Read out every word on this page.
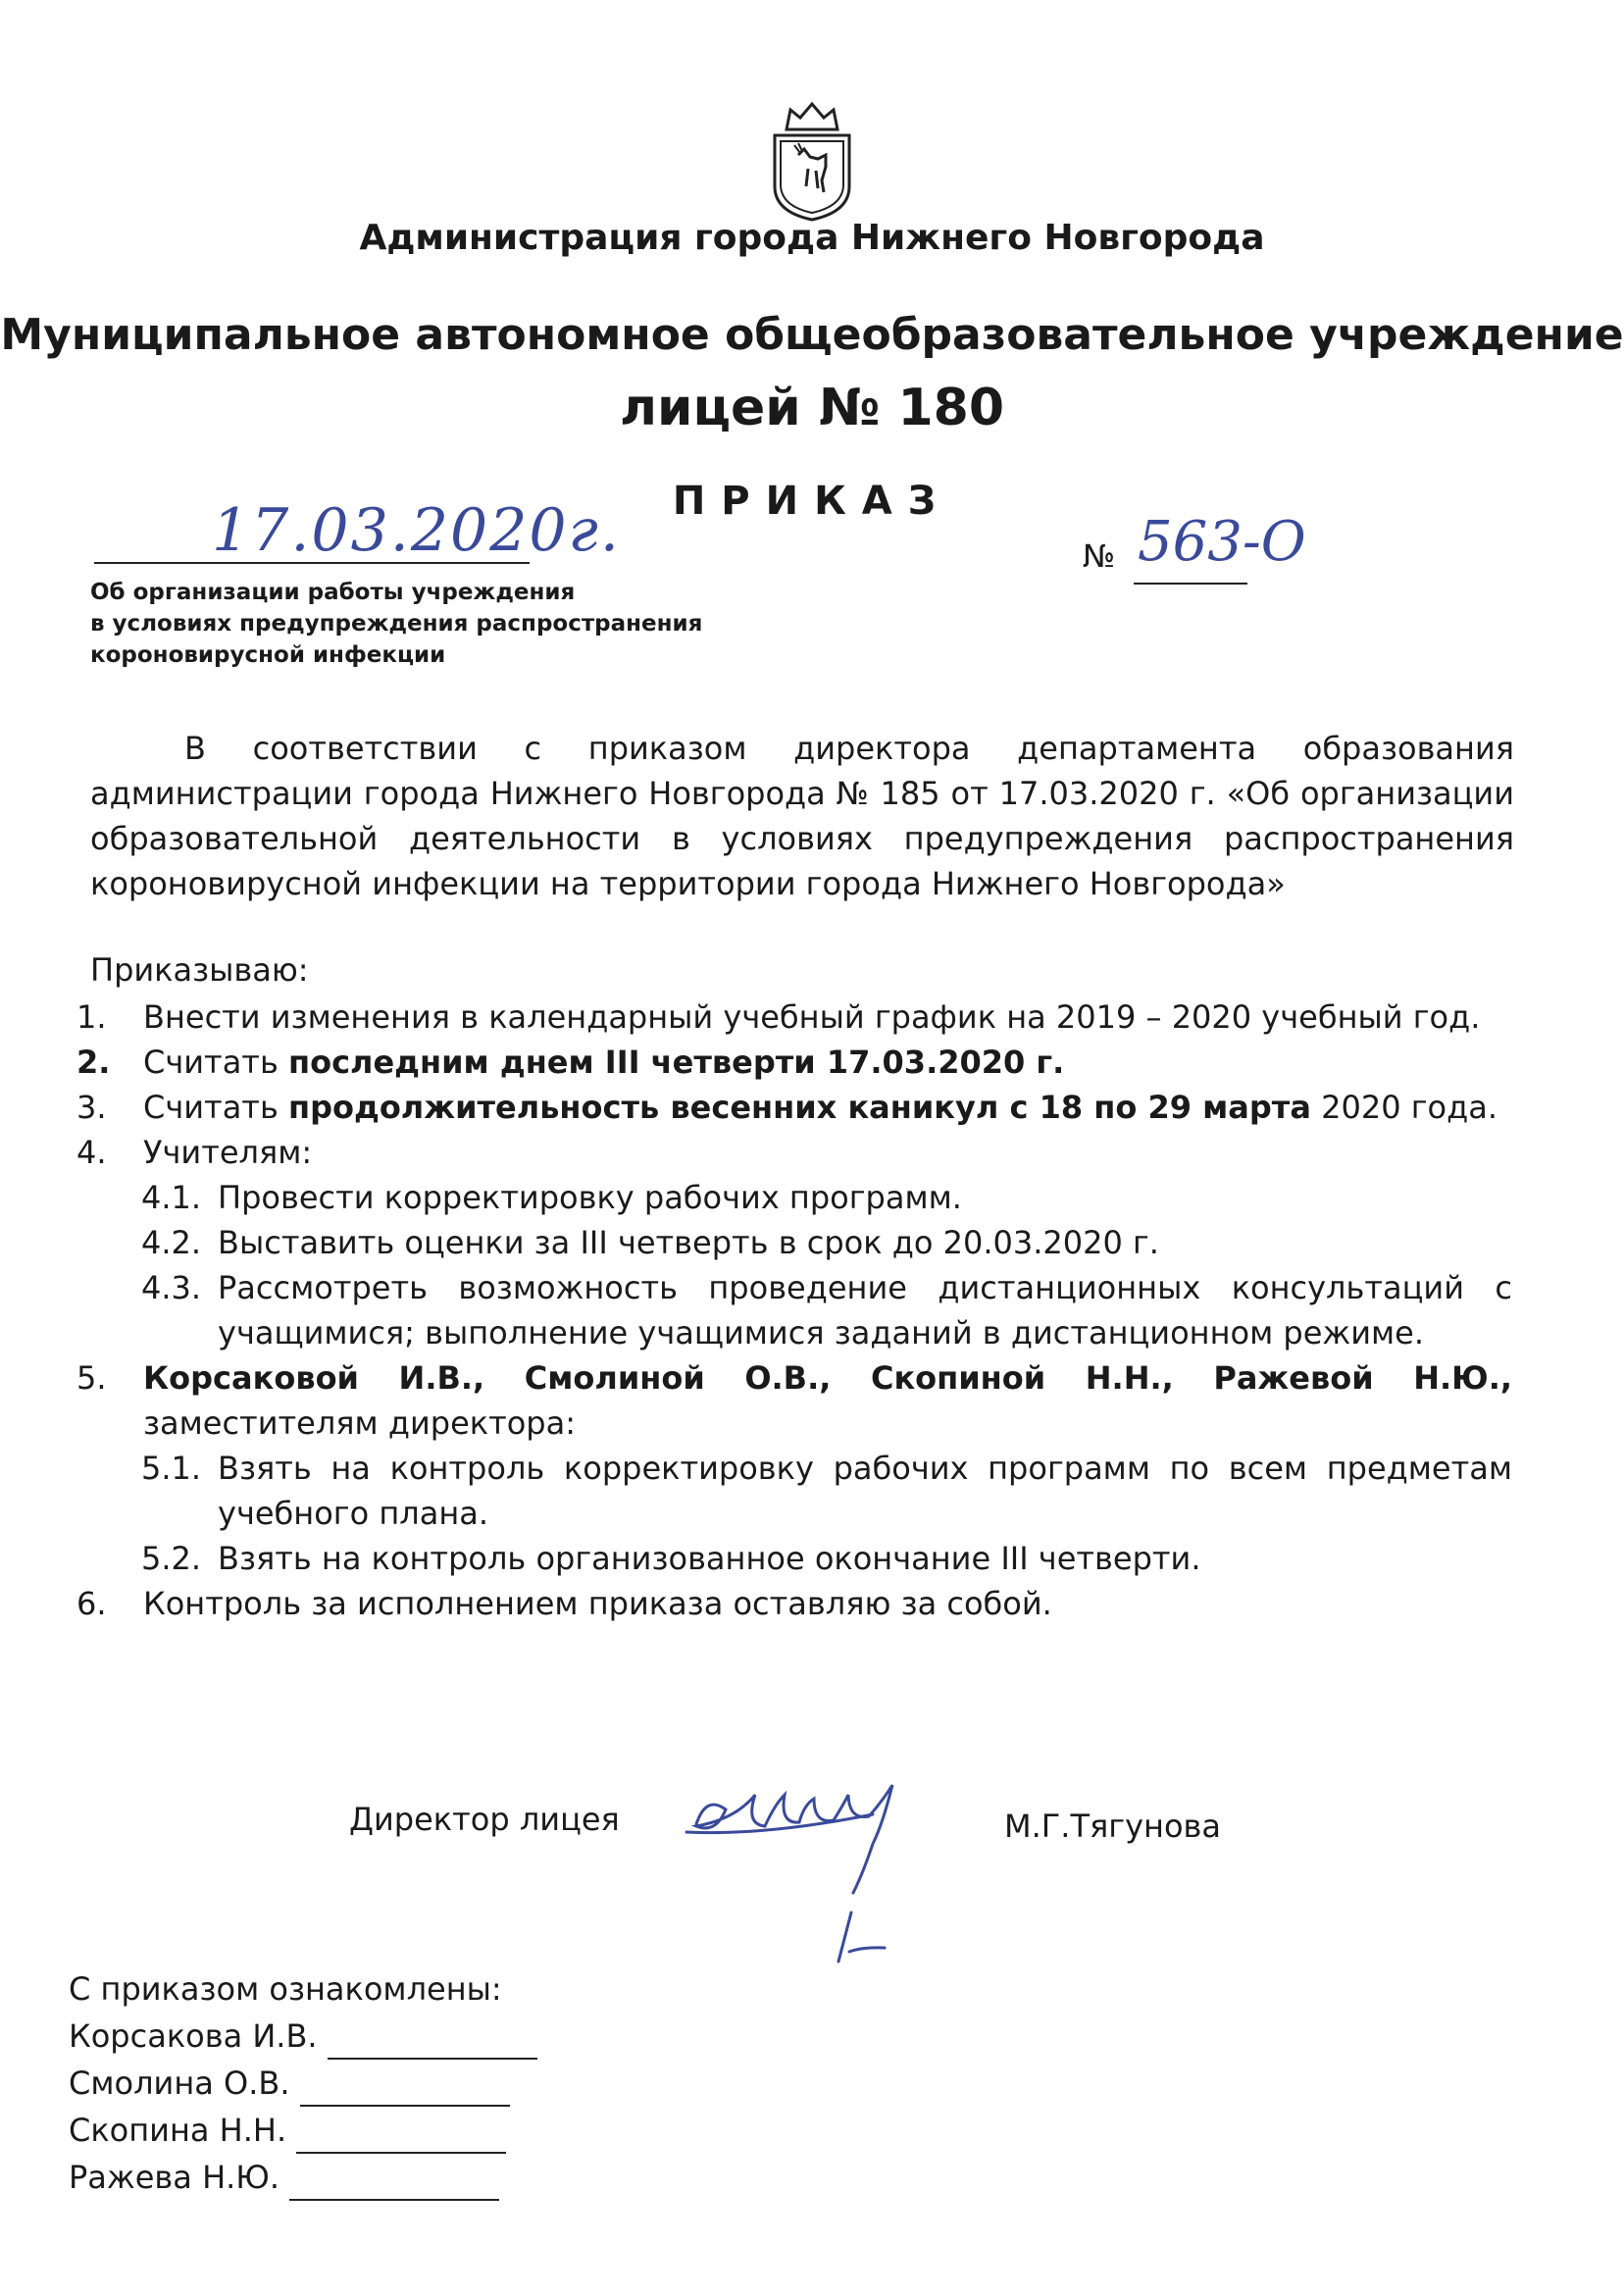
Администрация города Нижнего Новгорода
Муниципальное автономное общеобразовательное учреждение
лицей № 180
ПРИКАЗ
17.03.2020г.	№ 563-О
Об организации работы учреждения
в условиях предупреждения распространения
короновирусной инфекции

В соответствии с приказом директора департамента образования администрации города Нижнего Новгорода № 185 от 17.03.2020 г. «Об организации образовательной деятельности в условиях предупреждения распространения короновирусной инфекции на территории города Нижнего Новгорода»

Приказываю:
1. Внести изменения в календарный учебный график на 2019 – 2020 учебный год.
2. Считать последним днем III четверти 17.03.2020 г.
3. Считать продолжительность весенних каникул с 18 по 29 марта 2020 года.
4. Учителям:
4.1. Провести корректировку рабочих программ.
4.2. Выставить оценки за III четверть в срок до 20.03.2020 г.
4.3. Рассмотреть возможность проведение дистанционных консультаций с учащимися; выполнение учащимися заданий в дистанционном режиме.
5. Корсаковой И.В., Смолиной О.В., Скопиной Н.Н., Ражевой Н.Ю., заместителям директора:
5.1. Взять на контроль корректировку рабочих программ по всем предметам учебного плана.
5.2. Взять на контроль организованное окончание III четверти.
6. Контроль за исполнением приказа оставляю за собой.
Директор лицея	М.Г.Тягунова
С приказом ознакомлены:
Корсакова И.В.
Смолина О.В.
Скопина Н.Н.
Ражева Н.Ю.
